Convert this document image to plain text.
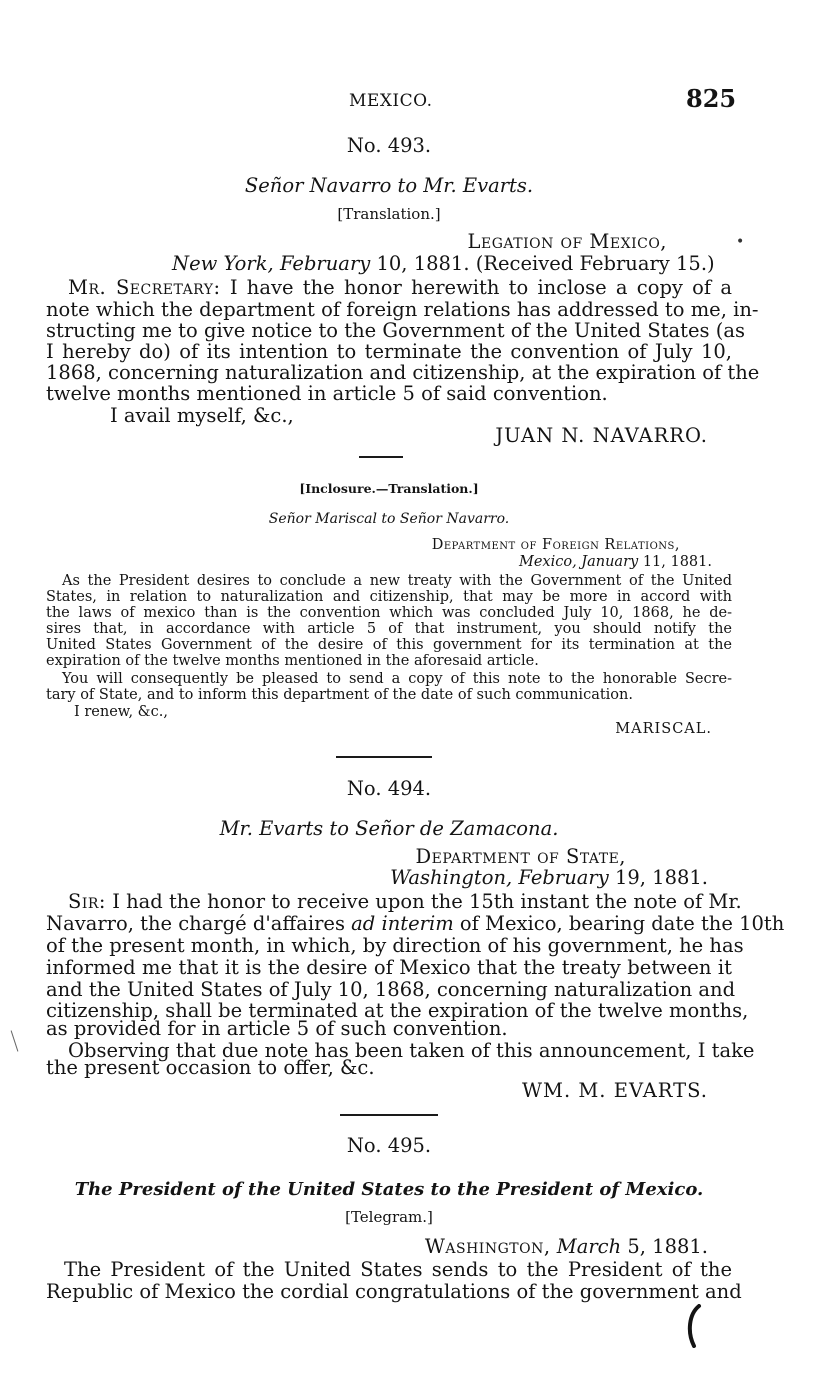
MEXICO.	825
No. 493.
Señor Navarro to Mr. Evarts.
[Translation.]
Legation of Mexico,
New York, February 10, 1881. (Received February 15.)
Mr. Secretary: I have the honor herewith to inclose a copy of a
note which the department of foreign relations has addressed to me, in-
structing me to give notice to the Government of the United States (as
I hereby do) of its intention to terminate the convention of July 10,
1868, concerning naturalization and citizenship, at the expiration of the
twelve months mentioned in article 5 of said convention.
I avail myself, &c.,
JUAN N. NAVARRO.
[Inclosure.—Translation.]
Señor Mariscal to Señor Navarro.
Department of Foreign Relations,
Mexico, January 11, 1881.
As the President desires to conclude a new treaty with the Government of the United
States, in relation to naturalization and citizenship, that may be more in accord with
the laws of mexico than is the convention which was concluded July 10, 1868, he de-
sires that, in accordance with article 5 of that instrument, you should notify the
United States Government of the desire of this government for its termination at the
expiration of the twelve months mentioned in the aforesaid article.
You will consequently be pleased to send a copy of this note to the honorable Secre-
tary of State, and to inform this department of the date of such communication.
I renew, &c.,
MARISCAL.
No. 494.
Mr. Evarts to Señor de Zamacona.
Department of State,
Washington, February 19, 1881.
Sir: I had the honor to receive upon the 15th instant the note of Mr.
Navarro, the chargé d'affaires ad interim of Mexico, bearing date the 10th
of the present month, in which, by direction of his government, he has
informed me that it is the desire of Mexico that the treaty between it
and the United States of July 10, 1868, concerning naturalization and
citizenship, shall be terminated at the expiration of the twelve months,
as provided for in article 5 of such convention.
Observing that due note has been taken of this announcement, I take
the present occasion to offer, &c.
WM. M. EVARTS.
No. 495.
The President of the United States to the President of Mexico.
[Telegram.]
Washington, March 5, 1881.
The President of the United States sends to the President of the
Republic of Mexico the cordial congratulations of the government and
•
